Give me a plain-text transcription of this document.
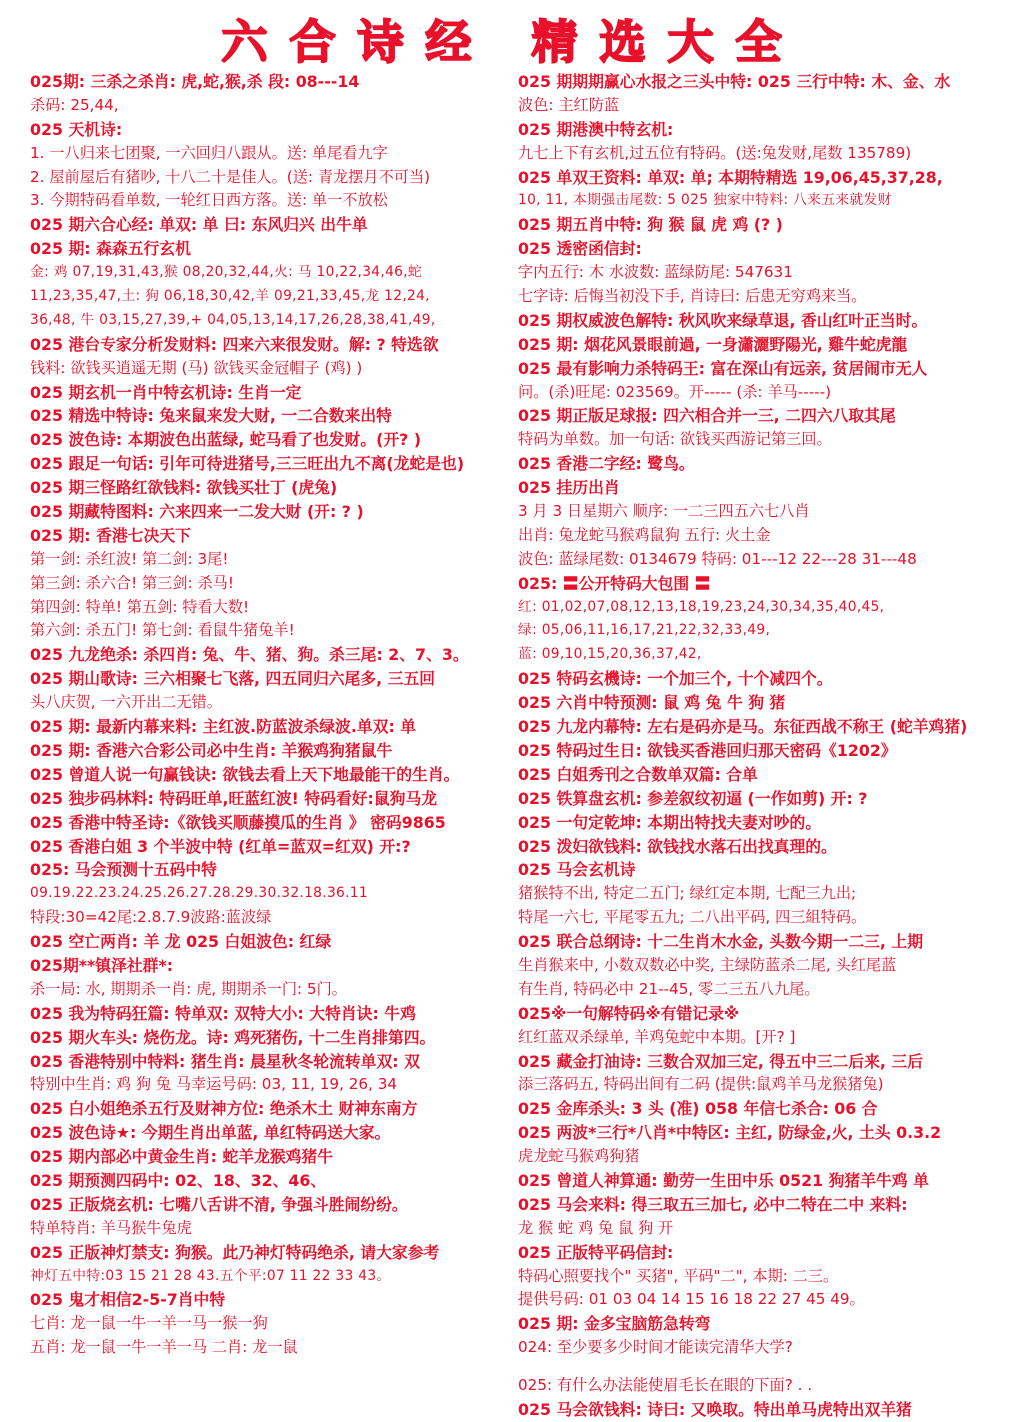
六合诗经 精选大全
025期: 三杀之杀肖: 虎,蛇,猴,杀 段: 08---14
杀码: 25,44,
025 天机诗:
1. 一八归来七团聚, 一六回归八跟从。送: 单尾看九字
2. 屋前屋后有猪吵, 十八二十是佳人。(送: 青龙摆月不可当)
3. 今期特码看单数, 一轮红日西方落。送: 单一不放松
025 期六合心经: 单双: 单 曰: 东风归兴 出牛单
025 期: 森森五行玄机
金: 鸡 07,19,31,43,猴 08,20,32,44,火: 马 10,22,34,46,蛇
11,23,35,47,土: 狗 06,18,30,42,羊 09,21,33,45,龙 12,24,
36,48, 牛 03,15,27,39,+ 04,05,13,14,17,26,28,38,41,49,
025 港台专家分析发财料: 四来六来很发财。解: ? 特选欲
钱料: 欲钱买逍遥无期 (马) 欲钱买金冠帽子 (鸡) )
025 期玄机一肖中特玄机诗: 生肖一定
025 精选中特诗: 兔来鼠来发大财, 一二合数来出特
025 波色诗: 本期波色出蓝绿, 蛇马看了也发财。(开? )
025 跟足一句话: 引年可待进猪号,三三旺出九不离(龙蛇是也)
025 期三怪路红欲钱料: 欲钱买壮丁 (虎兔)
025 期藏特图料: 六来四来一二发大财 (开: ? )
025 期: 香港七决天下
第一剑: 杀红波! 第二剑: 3尾!
第三剑: 杀六合! 第三剑: 杀马!
第四剑: 特单! 第五剑: 特看大数!
第六剑: 杀五门! 第七剑: 看鼠牛猪兔羊!
025 九龙绝杀: 杀四肖: 兔、牛、猪、狗。杀三尾: 2、7、3。
025 期山歌诗: 三六相聚七飞落, 四五同归六尾多, 三五回
头八庆贺, 一六开出二无错。
025 期: 最新内幕来料: 主红波.防蓝波杀绿波.单双: 单
025 期: 香港六合彩公司必中生肖: 羊猴鸡狗猪鼠牛
025 曾道人说一句赢钱诀: 欲钱去看上天下地最能干的生肖。
025 独步码林料: 特码旺单,旺蓝红波! 特码看好:鼠狗马龙
025 香港中特圣诗:《欲钱买顺藤摸瓜的生肖 》 密码9865
025 香港白姐 3 个半波中特 (红单=蓝双=红双) 开:?
025: 马会预测十五码中特
09.19.22.23.24.25.26.27.28.29.30.32.18.36.11
特段:30=42尾:2.8.7.9波路:蓝波绿
025 空亡两肖: 羊 龙 025 白姐波色: 红绿
025期**镇泽社群*:
杀一局: 水, 期期杀一肖: 虎, 期期杀一门: 5门。
025 我为特码狂篇: 特单双: 双特大小: 大特肖诀: 牛鸡
025 期火车头: 烧伤龙。诗: 鸡死猪伤, 十二生肖排第四。
025 香港特别中特料: 猪生肖: 晨星秋冬轮流转单双: 双
特别中生肖: 鸡 狗 兔 马幸运号码: 03, 11, 19, 26, 34
025 白小姐绝杀五行及财神方位: 绝杀木土 财神东南方
025 波色诗★: 今期生肖出单蓝, 单红特码送大家。
025 期内部必中黄金生肖: 蛇羊龙猴鸡猪牛
025 期预测四码中: 02、18、32、46、
025 正版烧玄机: 七嘴八舌讲不清, 争强斗胜闹纷纷。
特单特肖: 羊马猴牛兔虎
025 正版神灯禁支: 狗猴。此乃神灯特码绝杀, 请大家参考
神灯五中特:03 15 21 28 43.五个平:07 11 22 33 43。
025 鬼才相信2-5-7肖中特
七肖: 龙一鼠一牛一羊一马一猴一狗
五肖: 龙一鼠一牛一羊一马 二肖: 龙一鼠
025 期期期赢心水报之三头中特: 025 三行中特: 木、金、水
波色: 主红防蓝
025 期港澳中特玄机:
九七上下有玄机,过五位有特码。(送:兔发财,尾数 135789)
025 单双王资料: 单双: 单; 本期特精选 19,06,45,37,28,
10, 11, 本期强击尾数: 5 025 独家中特料: 八来五来就发财
025 期五肖中特: 狗 猴 鼠 虎 鸡 (? )
025 透密函信封:
字内五行: 木 水波数: 蓝绿防尾: 547631
七字诗: 后悔当初没下手, 肖诗曰: 后患无穷鸡来当。
025 期权威波色解特: 秋风吹来绿草退, 香山红叶正当时。
025 期: 烟花风景眼前過, 一身瀟灑野陽光, 雞牛蛇虎龍
025 最有影响力杀特码王: 富在深山有远亲, 贫居闹市无人
问。(杀)旺尾: 023569。开----- (杀: 羊马-----)
025 期正版足球报: 四六相合并一三, 二四六八取其尾
特码为单数。加一句话: 欲钱买西游记第三回。
025 香港二字经: 鹭鸟。
025 挂历出肖
3 月 3 日星期六 顺序: 一二三四五六七八肖
出肖: 兔龙蛇马猴鸡鼠狗 五行: 火土金
波色: 蓝绿尾数: 0134679 特码: 01---12 22---28 31---48
025: 〓公开特码大包围 〓
红: 01,02,07,08,12,13,18,19,23,24,30,34,35,40,45,
绿: 05,06,11,16,17,21,22,32,33,49,
蓝: 09,10,15,20,36,37,42,
025 特码玄機诗: 一个加三个, 十个减四个。
025 六肖中特预测: 鼠 鸡 兔 牛 狗 猪
025 九龙内幕特: 左右是码亦是马。东征西战不称王 (蛇羊鸡猪)
025 特码过生日: 欲钱买香港回归那天密码《1202》
025 白姐秀刊之合数单双篇: 合单
025 铁算盘玄机: 参差叙纹初逼 (一作如剪) 开: ?
025 一句定乾坤: 本期出特找夫妻对吵的。
025 泼妇欲钱料: 欲钱找水落石出找真理的。
025 马会玄机诗
猪猴特不出, 特定二五门; 绿红定本期, 七配三九出;
特尾一六七, 平尾零五九; 二八出平码, 四三組特码。
025 联合总纲诗: 十二生肖木水金, 头数今期一二三, 上期
生肖猴来中, 小数双数必中奖, 主绿防蓝杀二尾, 头红尾蓝
有生肖, 特码必中 21--45, 零二三五八九尾。
025※一句解特码※有错记录※
红红蓝双杀绿单, 羊鸡兔蛇中本期。[开? ]
025 藏金打油诗: 三数合双加三定, 得五中三二后来, 三后
添三落码五, 特码出间有二码 (提供:鼠鸡羊马龙猴猪兔)
025 金库杀头: 3 头 (准) 058 年信七杀合: 06 合
025 两波*三行*八肖*中特区: 主红, 防绿金,火, 土头 0.3.2
虎龙蛇马猴鸡狗猪
025 曾道人神算通: 勤劳一生田中乐 0521 狗猪羊牛鸡 单
025 马会来料: 得三取五三加七, 必中二特在二中 来料:
龙 猴 蛇 鸡 兔 鼠 狗 开
025 正版特平码信封:
特码心照要找个" 买猪", 平码"二", 本期: 二三。
提供号码: 01 03 04 14 15 16 18 22 27 45 49。
025 期: 金多宝脑筋急转弯
024: 至少要多少时间才能读完清华大学?
025: 有什么办法能使眉毛长在眼的下面? . .
025 马会欲钱料: 诗曰: 又唤取。特出单马虎特出双羊猪
